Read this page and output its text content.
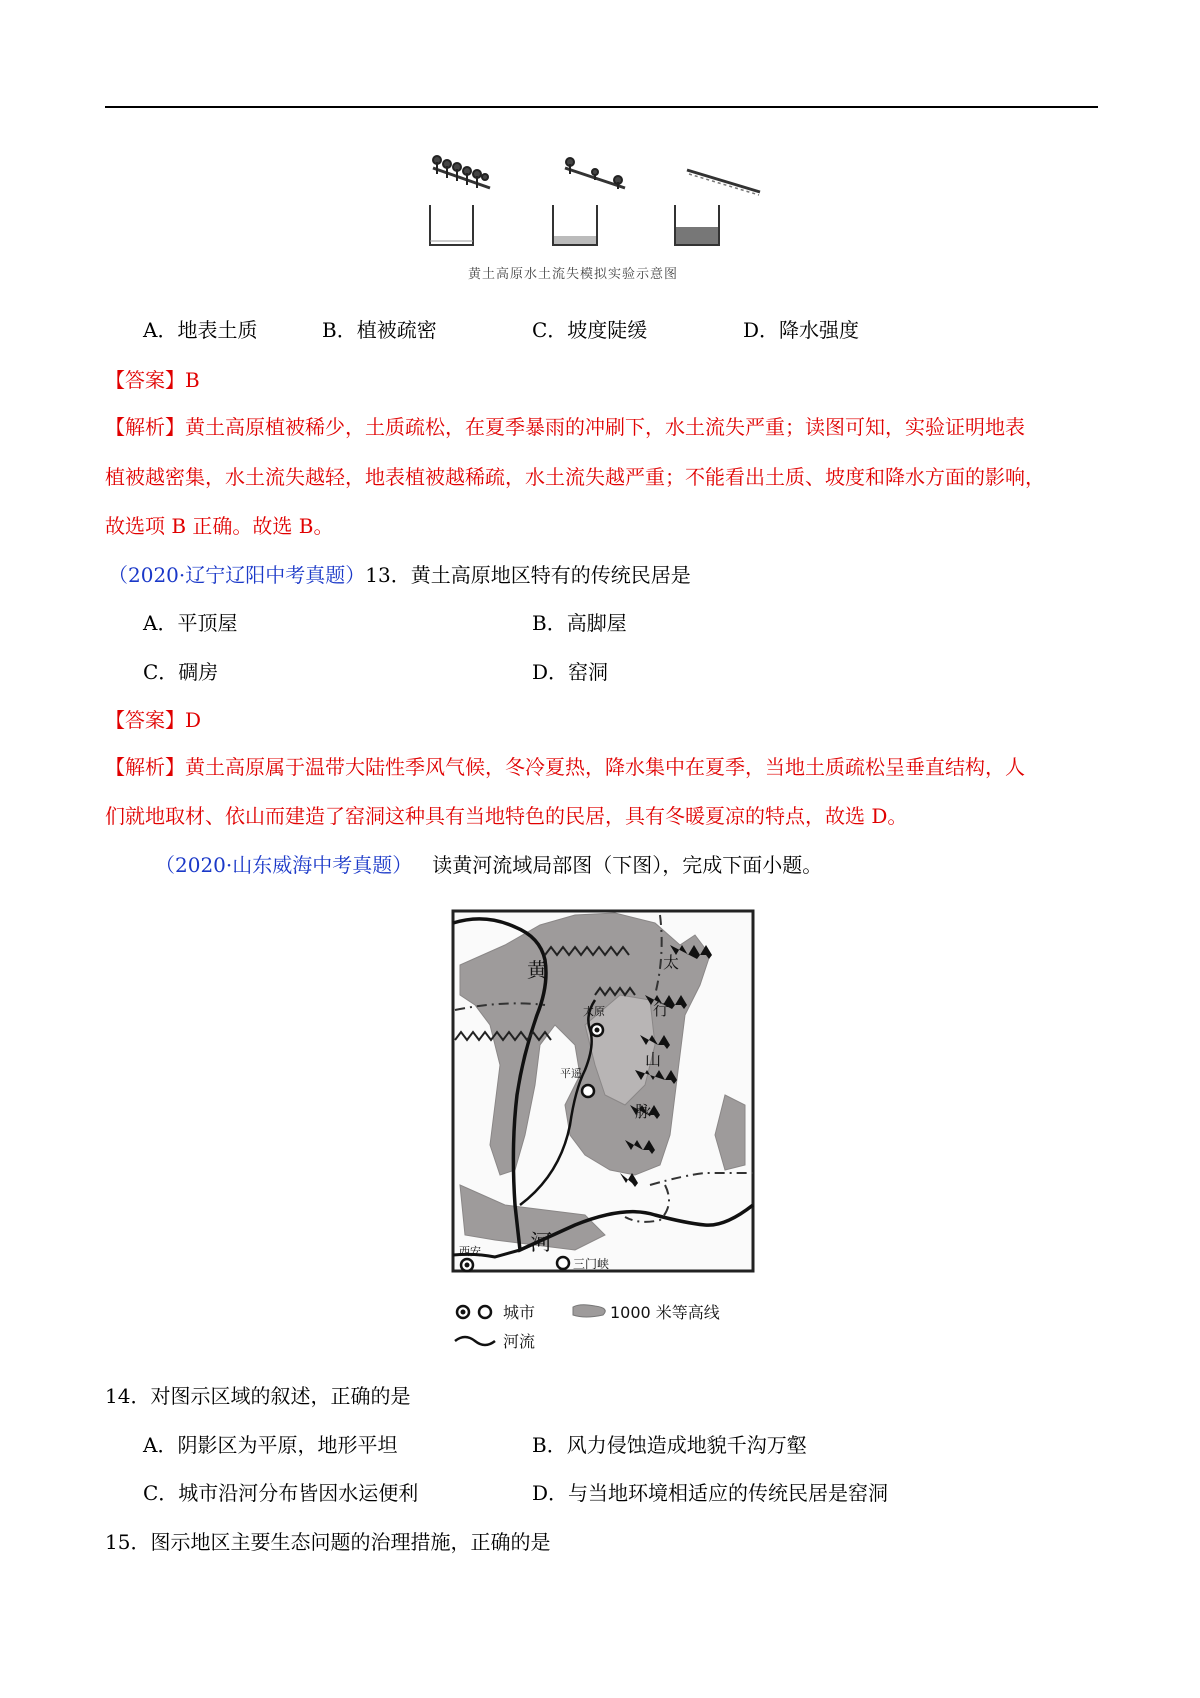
黄土高原水土流失模拟实验示意图
A．地表土质	B．植被疏密	C．坡度陡缓	D．降水强度
【答案】B
【解析】黄土高原植被稀少，土质疏松，在夏季暴雨的冲刷下，水土流失严重；读图可知，实验证明地表
植被越密集，水土流失越轻，地表植被越稀疏，水土流失越严重；不能看出土质、坡度和降水方面的影响，
故选项 B 正确。故选 B。
（2020·辽宁辽阳中考真题）13．黄土高原地区特有的传统民居是
A．平顶屋	B．高脚屋
C．碉房	D．窑洞
【答案】D
【解析】黄土高原属于温带大陆性季风气候，冬冷夏热，降水集中在夏季，当地土质疏松呈垂直结构，人
们就地取材、依山而建造了窑洞这种具有当地特色的民居，具有冬暖夏凉的特点，故选 D。
（2020·山东威海中考真题） 读黄河流域局部图（下图），完成下面小题。
黄
河
太
行
山
脉
太原
平遥
西安
三门峡
城市	1000 米等高线
河流
14．对图示区域的叙述，正确的是
A．阴影区为平原，地形平坦	B．风力侵蚀造成地貌千沟万壑
C．城市沿河分布皆因水运便利	D．与当地环境相适应的传统民居是窑洞
15．图示地区主要生态问题的治理措施，正确的是
